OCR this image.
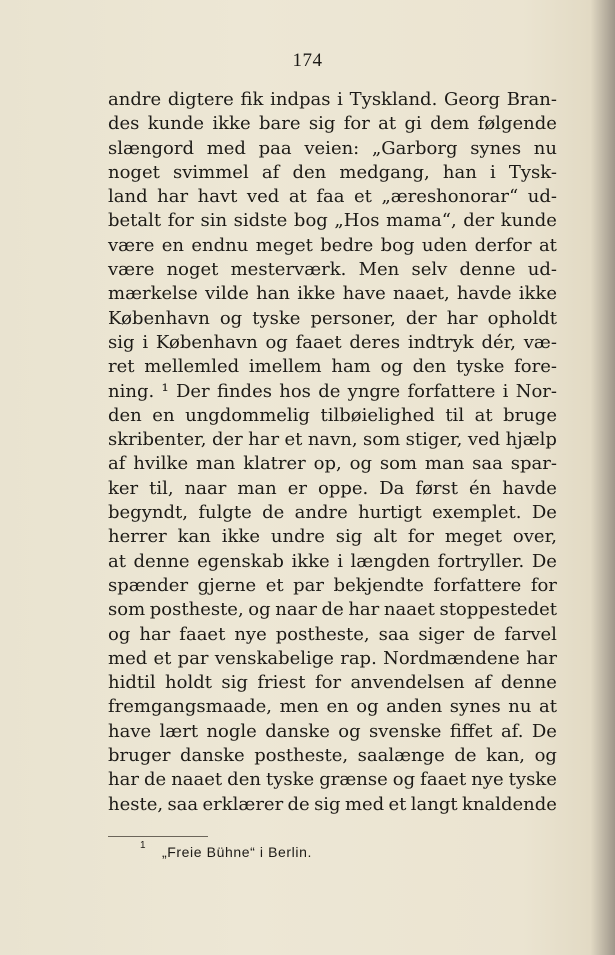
174
andre digtere fik indpas i Tyskland. Georg Bran-
des kunde ikke bare sig for at gi dem følgende
slængord med paa veien: „Garborg synes nu
noget svimmel af den medgang, han i Tysk-
land har havt ved at faa et „æreshonorar“ ud-
betalt for sin sidste bog „Hos mama“, der kunde
være en endnu meget bedre bog uden derfor at
være noget mesterværk. Men selv denne ud-
mærkelse vilde han ikke have naaet, havde ikke
København og tyske personer, der har opholdt
sig i København og faaet deres indtryk dér, væ-
ret mellemled imellem ham og den tyske fore-
ning. ¹ Der findes hos de yngre forfattere i Nor-
den en ungdommelig tilbøielighed til at bruge
skribenter, der har et navn, som stiger, ved hjælp
af hvilke man klatrer op, og som man saa spar-
ker til, naar man er oppe. Da først én havde
begyndt, fulgte de andre hurtigt exemplet. De
herrer kan ikke undre sig alt for meget over,
at denne egenskab ikke i længden fortryller. De
spænder gjerne et par bekjendte forfattere for
som postheste, og naar de har naaet stoppestedet
og har faaet nye postheste, saa siger de farvel
med et par venskabelige rap. Nordmændene har
hidtil holdt sig friest for anvendelsen af denne
fremgangsmaade, men en og anden synes nu at
have lært nogle danske og svenske fiffet af. De
bruger danske postheste, saalænge de kan, og
har de naaet den tyske grænse og faaet nye tyske
heste, saa erklærer de sig med et langt knaldende
1 „Freie Bühne“ i Berlin.
